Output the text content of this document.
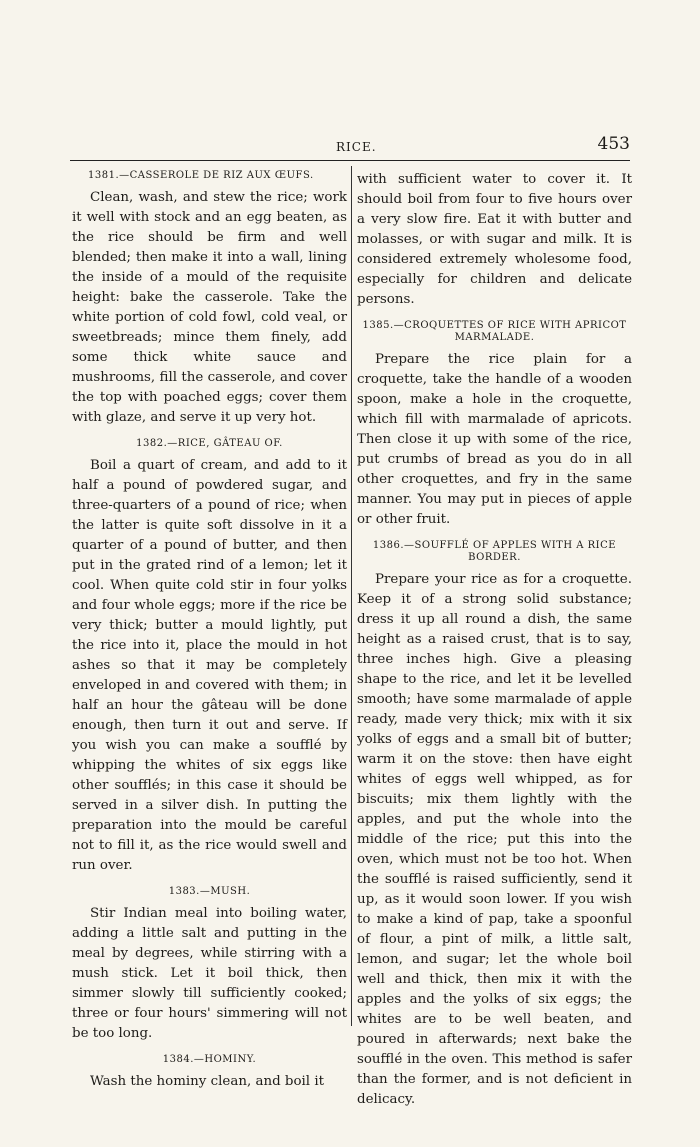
RICE.	453
1381.—CASSEROLE DE RIZ AUX ŒUFS.

Clean, wash, and stew the rice; work it well with stock and an egg beaten, as the rice should be firm and well blended; then make it into a wall, lining the inside of a mould of the requisite height: bake the casserole. Take the white portion of cold fowl, cold veal, or sweetbreads; mince them finely, add some thick white sauce and mushrooms, fill the casserole, and cover the top with poached eggs; cover them with glaze, and serve it up very hot.

1382.—RICE, GÂTEAU OF.

Boil a quart of cream, and add to it half a pound of powdered sugar, and three-quarters of a pound of rice; when the latter is quite soft dissolve in it a quarter of a pound of butter, and then put in the grated rind of a lemon; let it cool. When quite cold stir in four yolks and four whole eggs; more if the rice be very thick; butter a mould lightly, put the rice into it, place the mould in hot ashes so that it may be completely enveloped in and covered with them; in half an hour the gâteau will be done enough, then turn it out and serve. If you wish you can make a soufflé by whipping the whites of six eggs like other soufflés; in this case it should be served in a silver dish. In putting the preparation into the mould be careful not to fill it, as the rice would swell and run over.

1383.—MUSH.

Stir Indian meal into boiling water, adding a little salt and putting in the meal by degrees, while stirring with a mush stick. Let it boil thick, then simmer slowly till sufficiently cooked; three or four hours' simmering will not be too long.

1384.—HOMINY.

Wash the hominy clean, and boil it

with sufficient water to cover it. It should boil from four to five hours over a very slow fire. Eat it with butter and molasses, or with sugar and milk. It is considered extremely wholesome food, especially for children and delicate persons.

1385.—CROQUETTES OF RICE WITH APRICOT MARMALADE.

Prepare the rice plain for a croquette, take the handle of a wooden spoon, make a hole in the croquette, which fill with marmalade of apricots. Then close it up with some of the rice, put crumbs of bread as you do in all other croquettes, and fry in the same manner. You may put in pieces of apple or other fruit.

1386.—SOUFFLÉ OF APPLES WITH A RICE BORDER.

Prepare your rice as for a croquette. Keep it of a strong solid substance; dress it up all round a dish, the same height as a raised crust, that is to say, three inches high. Give a pleasing shape to the rice, and let it be levelled smooth; have some marmalade of apple ready, made very thick; mix with it six yolks of eggs and a small bit of butter; warm it on the stove: then have eight whites of eggs well whipped, as for biscuits; mix them lightly with the apples, and put the whole into the middle of the rice; put this into the oven, which must not be too hot. When the soufflé is raised sufficiently, send it up, as it would soon lower. If you wish to make a kind of pap, take a spoonful of flour, a pint of milk, a little salt, lemon, and sugar; let the whole boil well and thick, then mix it with the apples and the yolks of six eggs; the whites are to be well beaten, and poured in afterwards; next bake the soufflé in the oven. This method is safer than the former, and is not deficient in delicacy.
